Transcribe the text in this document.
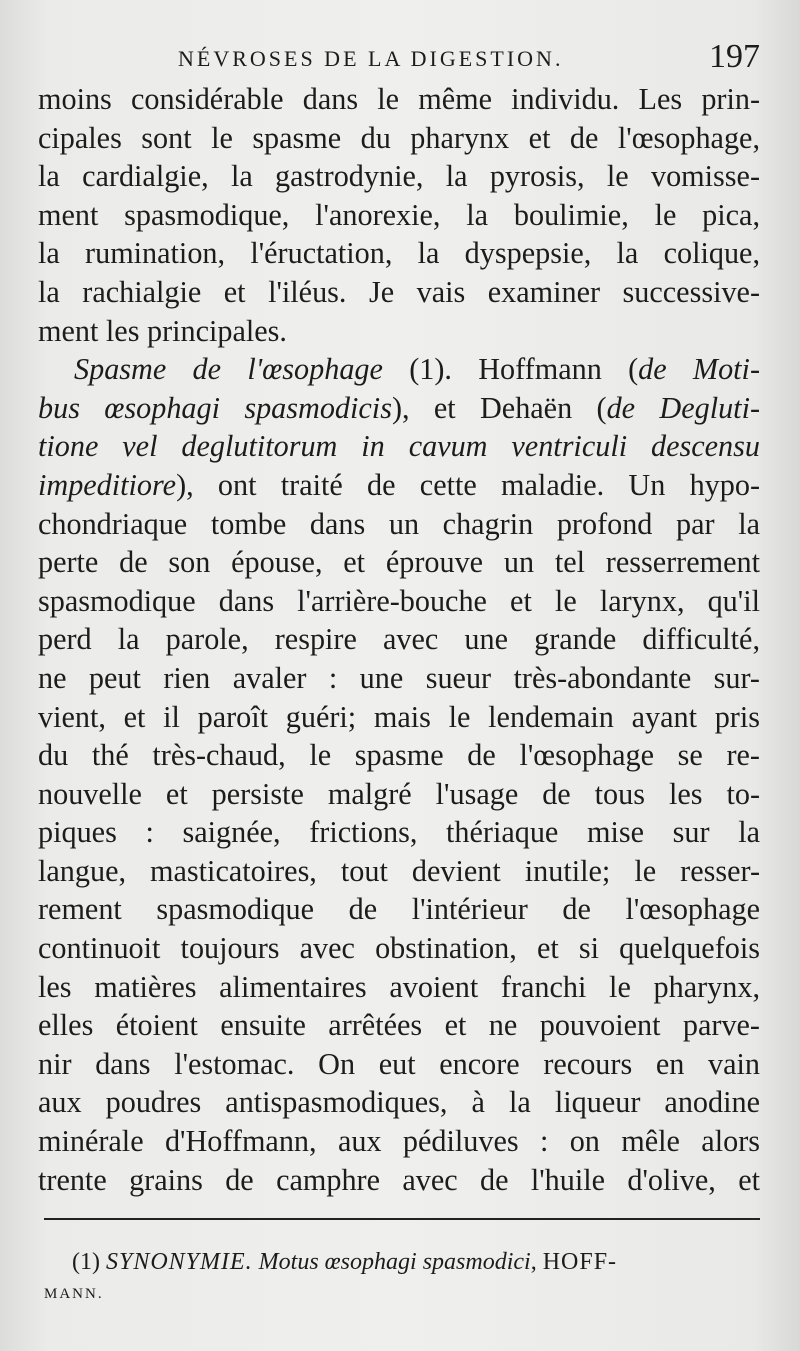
NÉVROSES DE LA DIGESTION.	197
moins considérable dans le même individu. Les prin-
cipales sont le spasme du pharynx et de l'œsophage,
la cardialgie, la gastrodynie, la pyrosis, le vomisse-
ment spasmodique, l'anorexie, la boulimie, le pica,
la rumination, l'éructation, la dyspepsie, la colique,
la rachialgie et l'iléus. Je vais examiner successive-
ment les principales.
Spasme de l'œsophage (1). Hoffmann (de Moti-
bus œsophagi spasmodicis), et Dehaën (de Degluti-
tione vel deglutitorum in cavum ventriculi descensu
impeditiore), ont traité de cette maladie. Un hypo-
chondriaque tombe dans un chagrin profond par la
perte de son épouse, et éprouve un tel resserrement
spasmodique dans l'arrière-bouche et le larynx, qu'il
perd la parole, respire avec une grande difficulté,
ne peut rien avaler : une sueur très-abondante sur-
vient, et il paroît guéri; mais le lendemain ayant pris
du thé très-chaud, le spasme de l'œsophage se re-
nouvelle et persiste malgré l'usage de tous les to-
piques : saignée, frictions, thériaque mise sur la
langue, masticatoires, tout devient inutile; le resser-
rement spasmodique de l'intérieur de l'œsophage
continuoit toujours avec obstination, et si quelquefois
les matières alimentaires avoient franchi le pharynx,
elles étoient ensuite arrêtées et ne pouvoient parve-
nir dans l'estomac. On eut encore recours en vain
aux poudres antispasmodiques, à la liqueur anodine
minérale d'Hoffmann, aux pédiluves : on mêle alors
trente grains de camphre avec de l'huile d'olive, et
(1) SYNONYMIE. Motus œsophagi spasmodici, HOFF-
MANN.
